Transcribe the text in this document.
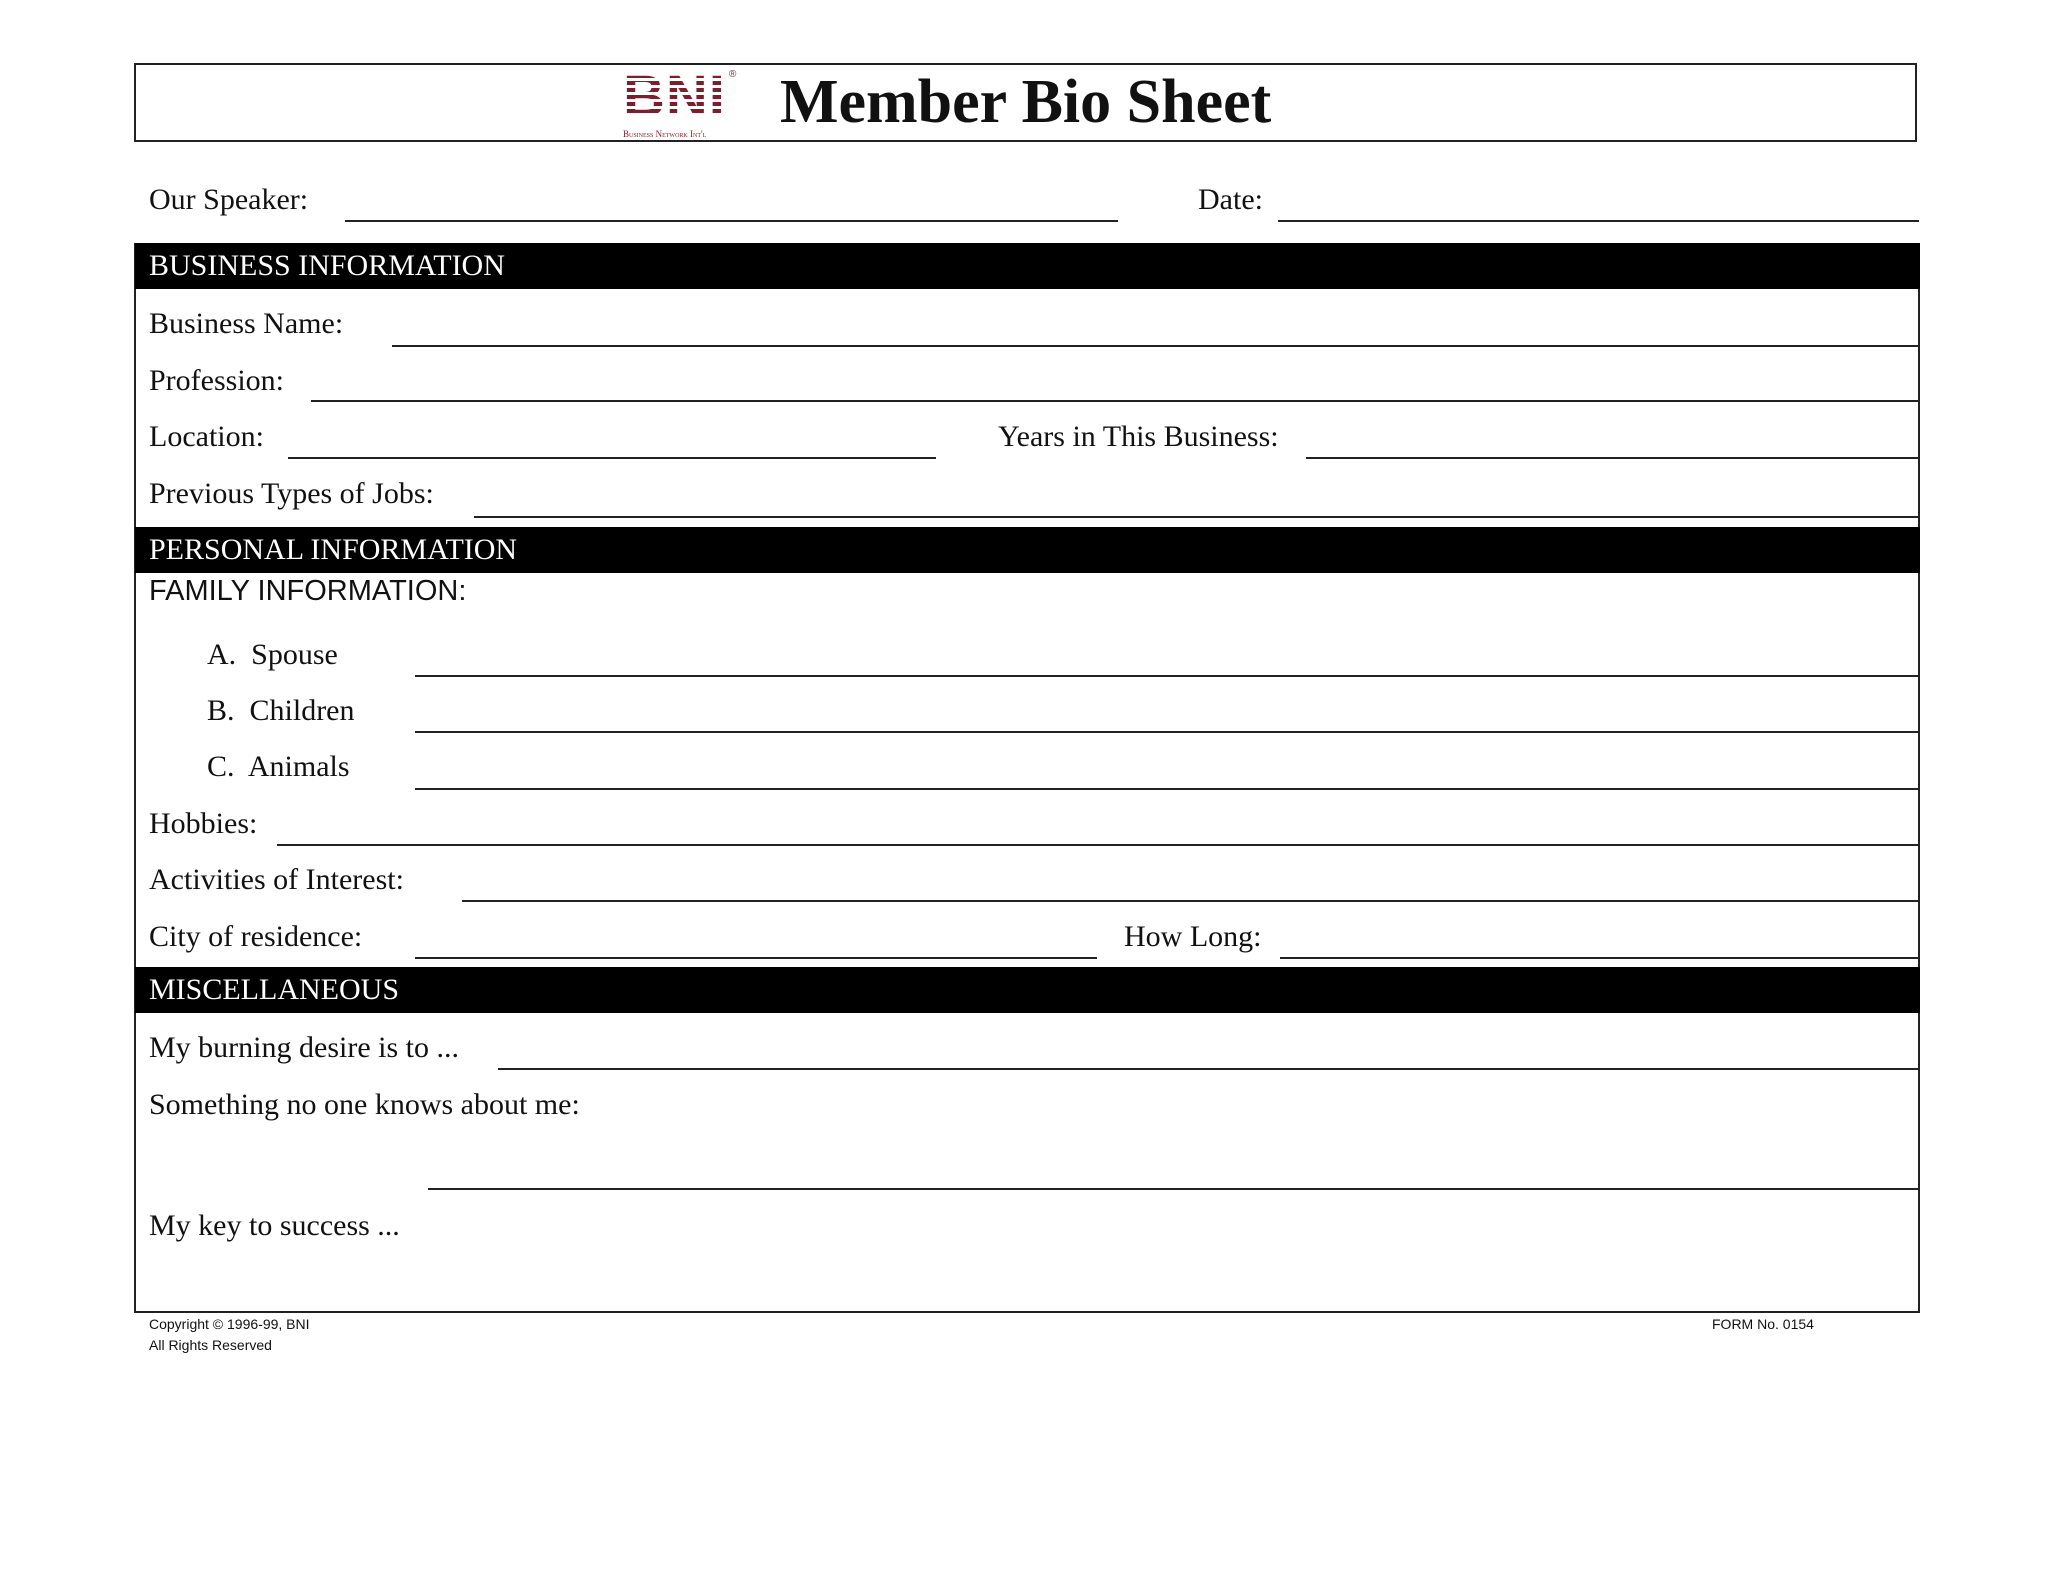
BNI ®
Business Network Int'l Member Bio Sheet
Our Speaker:	Date:
BUSINESS INFORMATION
Business Name:
Profession:
Location:	Years in This Business:
Previous Types of Jobs:
PERSONAL INFORMATION
FAMILY INFORMATION:
A.  Spouse
B.  Children
C.  Animals
Hobbies:
Activities of Interest:
City of residence:	How Long:
MISCELLANEOUS
My burning desire is to ...
Something no one knows about me:
My key to success ...
Copyright © 1996-99, BNI
All Rights Reserved
FORM No. 0154
